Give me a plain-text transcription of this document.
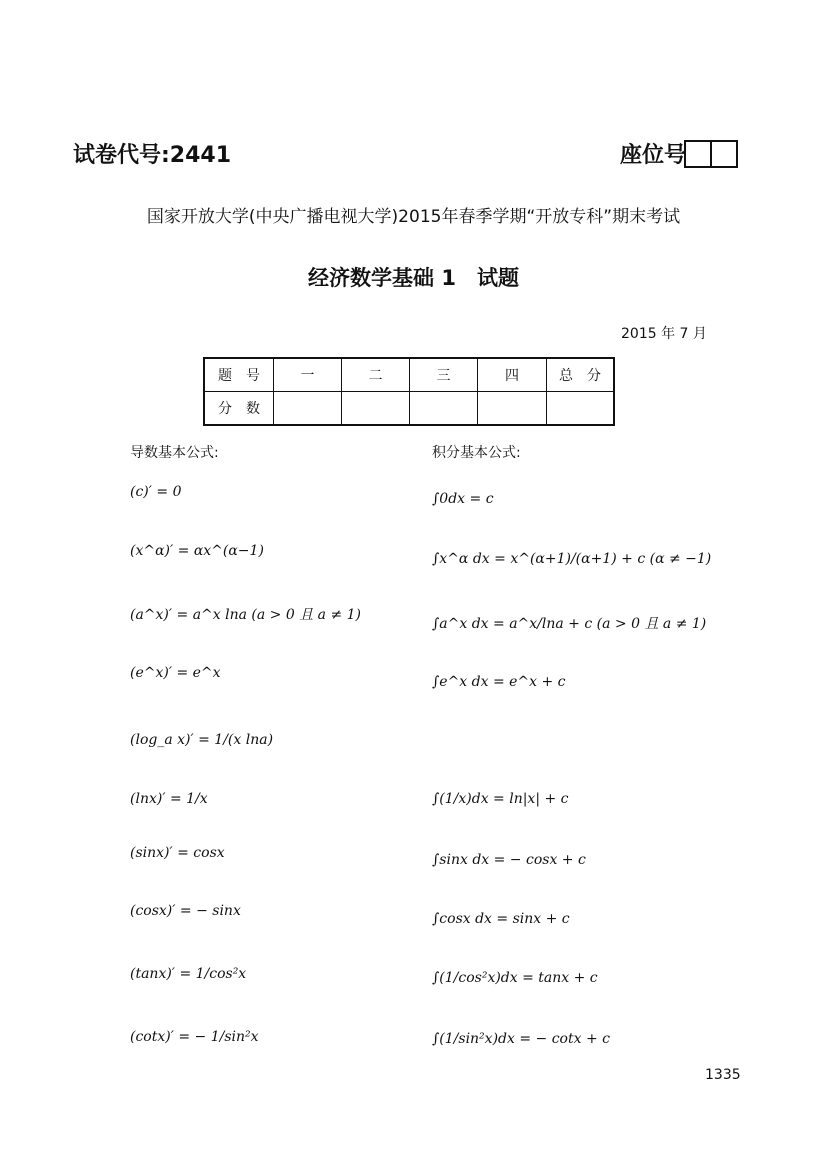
试卷代号:2441	座位号
国家开放大学(中央广播电视大学)2015年春季学期“开放专科”期末考试
经济数学基础 1　试题
2015 年 7 月
题　号	一	二	三	四	总　分
分　数					
导数基本公式:	积分基本公式:
(c)′ = 0
(x^α)′ = αx^(α−1)
(a^x)′ = a^x lna (a > 0 且 a ≠ 1)
(e^x)′ = e^x
(log_a x)′ = 1/(x lna)
(lnx)′ = 1/x
(sinx)′ = cosx
(cosx)′ = − sinx
(tanx)′ = 1/cos²x
(cotx)′ = − 1/sin²x
∫0dx = c
∫x^α dx = x^(α+1)/(α+1) + c (α ≠ −1)
∫a^x dx = a^x/lna + c (a > 0 且 a ≠ 1)
∫e^x dx = e^x + c
∫(1/x)dx = ln|x| + c
∫sinx dx = − cosx + c
∫cosx dx = sinx + c
∫(1/cos²x)dx = tanx + c
∫(1/sin²x)dx = − cotx + c
1335
